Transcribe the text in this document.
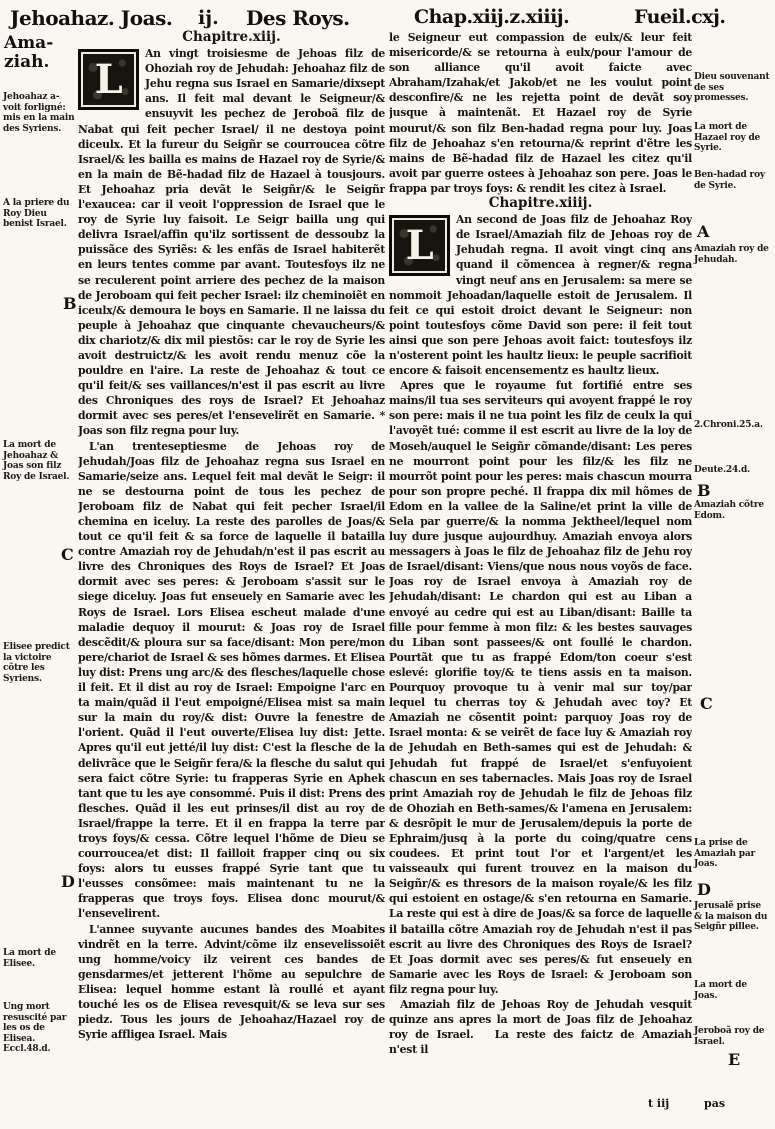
Jehoahaz. Joas. ij. Des Roys.	Chap.xiij.z.xiiij.	Fueil.cxj.
Ama-
ziah.
Jehoahaz a-voit forligné: mis en la main des Syriens.
A la priere du Roy Dieu benist Israel.
B
La mort de Jehoahaz & Joas son filz Roy de Israel.
C
Elisee predict la victoire cõtre les Syriens.
D
La mort de Elisee.
Ung mort resuscité par les os de Elisea. Eccl.48.d.
Dieu souvenant de ses promesses.
La mort de Hazael roy de Syrie.
Ben-hadad roy de Syrie.
A
Amaziah roy de Jehudah.
2.Chroni.25.a.
Deute.24.d.
B
Amaziah cõtre Edom.
C
La prise de Amaziah par Joas.
D
Jerusalẽ prise & la maison du Seigñr pillee.
La mort de Joas.
Jeroboã roy de Israel.
E
Chapitre.xiij.

L
An vingt troisiesme de Jehoas filz de Ohoziah roy de Jehudah: Jehoahaz filz de Jehu regna sus Israel en Samarie/dixsept ans. Il feit mal devant le Seigneur/& ensuyvit les pechez de Jeroboã filz de Nabat qui feit pecher Israel/ il ne destoya point diceulx. Et la fureur du Seigñr se courroucea cõtre Israel/& les bailla es mains de Hazael roy de Syrie/& en la main de Bẽ-hadad filz de Hazael à tousjours. Et Jehoahaz pria devãt le Seigñr/& le Seigñr l'exaucea: car il veoit l'oppression de Israel que le roy de Syrie luy faisoit. Le Seigr bailla ung qui delivra Israel/affin qu'ilz sortissent de dessoubz la puissãce des Syriẽs: & les enfãs de Israel habiterẽt en leurs tentes comme par avant. Toutesfoys ilz ne se reculerent point arriere des pechez de la maison de Jeroboam qui feit pecher Israel: ilz cheminoiẽt en iceulx/& demoura le boys en Samarie. Il ne laissa du peuple à Jehoahaz que cinquante chevaucheurs/& dix chariotz/& dix mil piestõs: car le roy de Syrie les avoit destruictz/& les avoit rendu menuz cõe la pouldre en l'aire. La reste de Jehoahaz & tout ce qu'il feit/& ses vaillances/n'est il pas escrit au livre des Chroniques des roys de Israel? Et Jehoahaz dormit avec ses peres/et l'ensevelirẽt en Samarie. * Joas son filz regna pour luy.

L'an trenteseptiesme de Jehoas roy de Jehudah/Joas filz de Jehoahaz regna sus Israel en Samarie/seize ans. Lequel feit mal devãt le Seigr: il ne se destourna point de tous les pechez de Jeroboam filz de Nabat qui feit pecher Israel/il chemina en iceluy. La reste des parolles de Joas/& tout ce qu'il feit & sa force de laquelle il batailla contre Amaziah roy de Jehudah/n'est il pas escrit au livre des Chroniques des Roys de Israel? Et Joas dormit avec ses peres: & Jeroboam s'assit sur le siege diceluy. Joas fut enseuely en Samarie avec les Roys de Israel. Lors Elisea escheut malade d'une maladie dequoy il mourut: & Joas roy de Israel descẽdit/& ploura sur sa face/disant: Mon pere/mon pere/chariot de Israel & ses hõmes darmes. Et Elisea luy dist: Prens ung arc/& des flesches/laquelle chose il feit. Et il dist au roy de Israel: Empoigne l'arc en ta main/quãd il l'eut empoigné/Elisea mist sa main sur la main du roy/& dist: Ouvre la fenestre de l'orient. Quãd il l'eut ouverte/Elisea luy dist: Jette. Apres qu'il eut jetté/il luy dist: C'est la flesche de la delivrãce que le Seigñr fera/& la flesche du salut qui sera faict cõtre Syrie: tu frapperas Syrie en Aphek tant que tu les aye consommé. Puis il dist: Prens des flesches. Quãd il les eut prinses/il dist au roy de Israel/frappe la terre. Et il en frappa la terre par troys foys/& cessa. Cõtre lequel l'hõme de Dieu se courroucea/et dist: Il failloit frapper cinq ou six foys: alors tu eusses frappé Syrie tant que tu l'eusses consõmee: mais maintenant tu ne la frapperas que troys foys. Elisea donc mourut/& l'ensevelirent.

L'annee suyvante aucunes bandes des Moabites vindrẽt en la terre. Advint/cõme ilz ensevelissoiẽt ung homme/voicy ilz veirent ces bandes de gensdarmes/et jetterent l'hõme au sepulchre de Elisea: lequel homme estant là roullé et ayant touché les os de Elisea revesquit/& se leva sur ses piedz. Tous les jours de Jehoahaz/Hazael roy de Syrie affligea Israel. Mais

le Seigneur eut compassion de eulx/& leur feit misericorde/& se retourna à eulx/pour l'amour de son alliance qu'il avoit faicte avec Abraham/Izahak/et Jakob/et ne les voulut point desconfire/& ne les rejetta point de devãt soy jusque à maintenãt. Et Hazael roy de Syrie mourut/& son filz Ben-hadad regna pour luy. Joas filz de Jehoahaz s'en retourna/& reprint d'ẽtre les mains de Bẽ-hadad filz de Hazael les citez qu'il avoit par guerre ostees à Jehoahaz son pere. Joas le frappa par troys foys: & rendit les citez à Israel.

Chapitre.xiiij.

L
An second de Joas filz de Jehoahaz Roy de Israel/Amaziah filz de Jehoas roy de Jehudah regna. Il avoit vingt cinq ans quand il cõmencea à regner/& regna vingt neuf ans en Jerusalem: sa mere se nommoit Jehoadan/laquelle estoit de Jerusalem. Il feit ce qui estoit droict devant le Seigneur: non point toutesfoys cõme David son pere: il feit tout ainsi que son pere Jehoas avoit faict: toutesfoys ilz n'osterent point les haultz lieux: le peuple sacrifioit encore & faisoit encensementz es haultz lieux.

Apres que le royaume fut fortifié entre ses mains/il tua ses serviteurs qui avoyent frappé le roy son pere: mais il ne tua point les filz de ceulx la qui l'avoyẽt tué: comme il est escrit au livre de la loy de Moseh/auquel le Seigñr cõmande/disant: Les peres ne mourront point pour les filz/& les filz ne mourrõt point pour les peres: mais chascun mourra pour son propre peché. Il frappa dix mil hõmes de Edom en la vallee de la Saline/et print la ville de Sela par guerre/& la nomma Jektheel/lequel nom luy dure jusque aujourdhuy. Amaziah envoya alors messagers à Joas le filz de Jehoahaz filz de Jehu roy de Israel/disant: Viens/que nous nous voyõs de face. Joas roy de Israel envoya à Amaziah roy de Jehudah/disant: Le chardon qui est au Liban a envoyé au cedre qui est au Liban/disant: Baille ta fille pour femme à mon filz: & les bestes sauvages du Liban sont passees/& ont foullé le chardon. Pourtãt que tu as frappé Edom/ton coeur s'est eslevé: glorifie toy/& te tiens assis en ta maison. Pourquoy provoque tu à venir mal sur toy/par lequel tu cherras toy & Jehudah avec toy? Et Amaziah ne cõsentit point: parquoy Joas roy de Israel monta: & se veirẽt de face luy & Amaziah roy de Jehudah en Beth-sames qui est de Jehudah: & Jehudah fut frappé de Israel/et s'enfuyoient chascun en ses tabernacles. Mais Joas roy de Israel print Amaziah roy de Jehudah le filz de Jehoas filz de Ohoziah en Beth-sames/& l'amena en Jerusalem: & desrõpit le mur de Jerusalem/depuis la porte de Ephraim/jusq à la porte du coing/quatre cens coudees. Et print tout l'or et l'argent/et les vaisseaulx qui furent trouvez en la maison du Seigñr/& es thresors de la maison royale/& les filz qui estoient en ostage/& s'en retourna en Samarie. La reste qui est à dire de Joas/& sa force de laquelle il batailla cõtre Amaziah roy de Jehudah n'est il pas escrit au livre des Chroniques des Roys de Israel? Et Joas dormit avec ses peres/& fut enseuely en Samarie avec les Roys de Israel: & Jeroboam son filz regna pour luy.

Amaziah filz de Jehoas Roy de Jehudah vesquit quinze ans apres la mort de Joas filz de Jehoahaz roy de Israel.  La reste des faictz de Amaziah n'est il

t iij	pas
